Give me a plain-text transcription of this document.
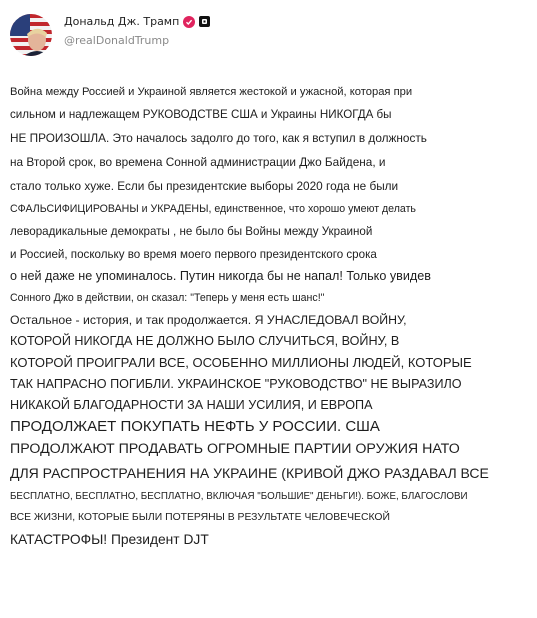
Дональд Дж. Трамп
@realDonaldTrump
Война между Россией и Украиной является жестокой и ужасной, которая при
сильном и надлежащем РУКОВОДСТВЕ США и Украины НИКОГДА бы
НЕ ПРОИЗОШЛА. Это началось задолго до того, как я вступил в должность
на Второй срок, во времена Сонной администрации Джо Байдена, и
стало только хуже. Если бы президентские выборы 2020 года не были
СФАЛЬСИФИЦИРОВАНЫ и УКРАДЕНЫ, единственное, что хорошо умеют делать
леворадикальные демократы , не было бы Войны между Украиной
и Россией, поскольку во время моего первого президентского срока
о ней даже не упоминалось. Путин никогда бы не напал! Только увидев
Сонного Джо в действии, он сказал: "Теперь у меня есть шанс!"
Остальное - история, и так продолжается. Я УНАСЛЕДОВАЛ ВОЙНУ,
КОТОРОЙ НИКОГДА НЕ ДОЛЖНО БЫЛО СЛУЧИТЬСЯ, ВОЙНУ, В
КОТОРОЙ ПРОИГРАЛИ ВСЕ, ОСОБЕННО МИЛЛИОНЫ ЛЮДЕЙ, КОТОРЫЕ
ТАК НАПРАСНО ПОГИБЛИ. УКРАИНСКОЕ "РУКОВОДСТВО" НЕ ВЫРАЗИЛО
НИКАКОЙ БЛАГОДАРНОСТИ ЗА НАШИ УСИЛИЯ, И ЕВРОПА
ПРОДОЛЖАЕТ ПОКУПАТЬ НЕФТЬ У РОССИИ. США
ПРОДОЛЖАЮТ ПРОДАВАТЬ ОГРОМНЫЕ ПАРТИИ ОРУЖИЯ НАТО
ДЛЯ РАСПРОСТРАНЕНИЯ НА УКРАИНЕ (КРИВОЙ ДЖО РАЗДАВАЛ ВСЕ
БЕСПЛАТНО, БЕСПЛАТНО, БЕСПЛАТНО, ВКЛЮЧАЯ "БОЛЬШИЕ" ДЕНЬГИ!). БОЖЕ, БЛАГОСЛОВИ
ВСЕ ЖИЗНИ, КОТОРЫЕ БЫЛИ ПОТЕРЯНЫ В РЕЗУЛЬТАТЕ ЧЕЛОВЕЧЕСКОЙ
КАТАСТРОФЫ! Президент DJT
